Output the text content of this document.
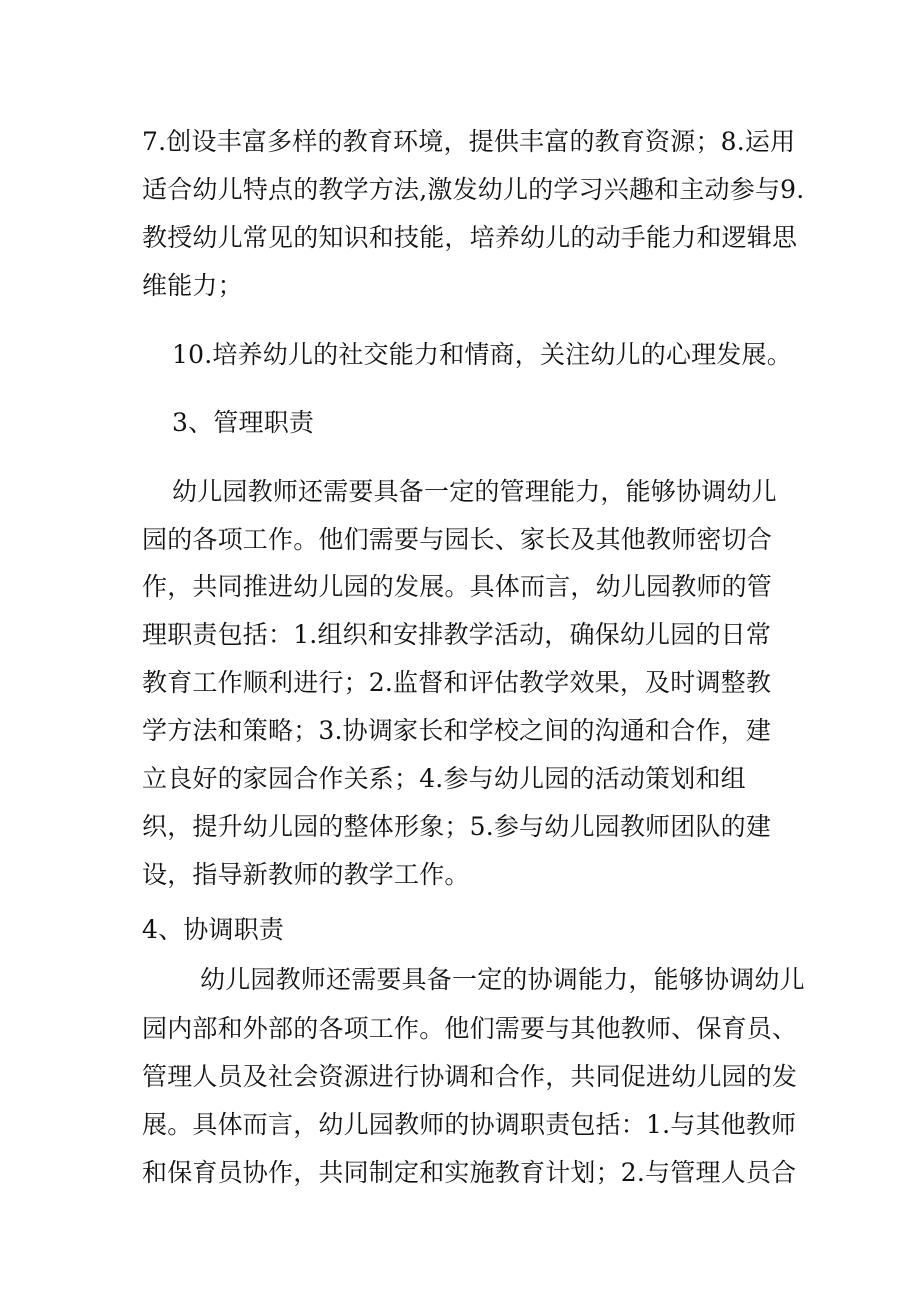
7.创设丰富多样的教育环境，提供丰富的教育资源；8.运用
适合幼儿特点的教学方法,激发幼儿的学习兴趣和主动参与9.
教授幼儿常见的知识和技能，培养幼儿的动手能力和逻辑思
维能力；
10.培养幼儿的社交能力和情商，关注幼儿的心理发展。
3、管理职责
幼儿园教师还需要具备一定的管理能力，能够协调幼儿
园的各项工作。他们需要与园长、家长及其他教师密切合
作，共同推进幼儿园的发展。具体而言，幼儿园教师的管
理职责包括：1.组织和安排教学活动，确保幼儿园的日常
教育工作顺利进行；2.监督和评估教学效果，及时调整教
学方法和策略；3.协调家长和学校之间的沟通和合作，建
立良好的家园合作关系；4.参与幼儿园的活动策划和组
织，提升幼儿园的整体形象；5.参与幼儿园教师团队的建
设，指导新教师的教学工作。
4、协调职责
幼儿园教师还需要具备一定的协调能力，能够协调幼儿
园内部和外部的各项工作。他们需要与其他教师、保育员、
管理人员及社会资源进行协调和合作，共同促进幼儿园的发
展。具体而言，幼儿园教师的协调职责包括：1.与其他教师
和保育员协作，共同制定和实施教育计划；2.与管理人员合
